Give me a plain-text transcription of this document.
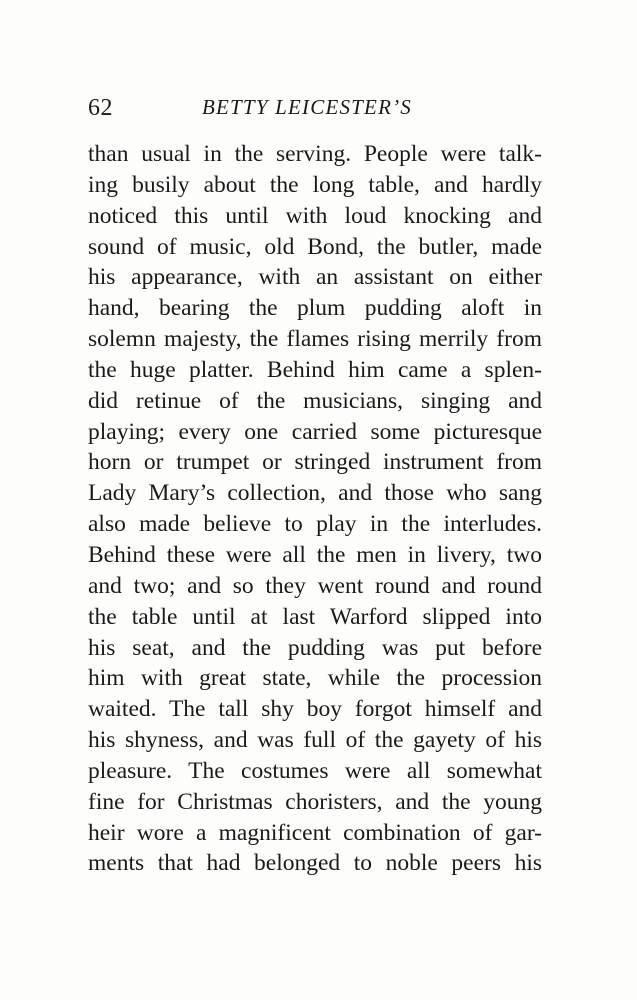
62	BETTY LEICESTER’S
than usual in the serving. People were talk-
ing busily about the long table, and hardly
noticed this until with loud knocking and
sound of music, old Bond, the butler, made
his appearance, with an assistant on either
hand, bearing the plum pudding aloft in
solemn majesty, the flames rising merrily from
the huge platter. Behind him came a splen-
did retinue of the musicians, singing and
playing; every one carried some picturesque
horn or trumpet or stringed instrument from
Lady Mary’s collection, and those who sang
also made believe to play in the interludes.
Behind these were all the men in livery, two
and two; and so they went round and round
the table until at last Warford slipped into
his seat, and the pudding was put before
him with great state, while the procession
waited. The tall shy boy forgot himself and
his shyness, and was full of the gayety of his
pleasure. The costumes were all somewhat
fine for Christmas choristers, and the young
heir wore a magnificent combination of gar-
ments that had belonged to noble peers his
